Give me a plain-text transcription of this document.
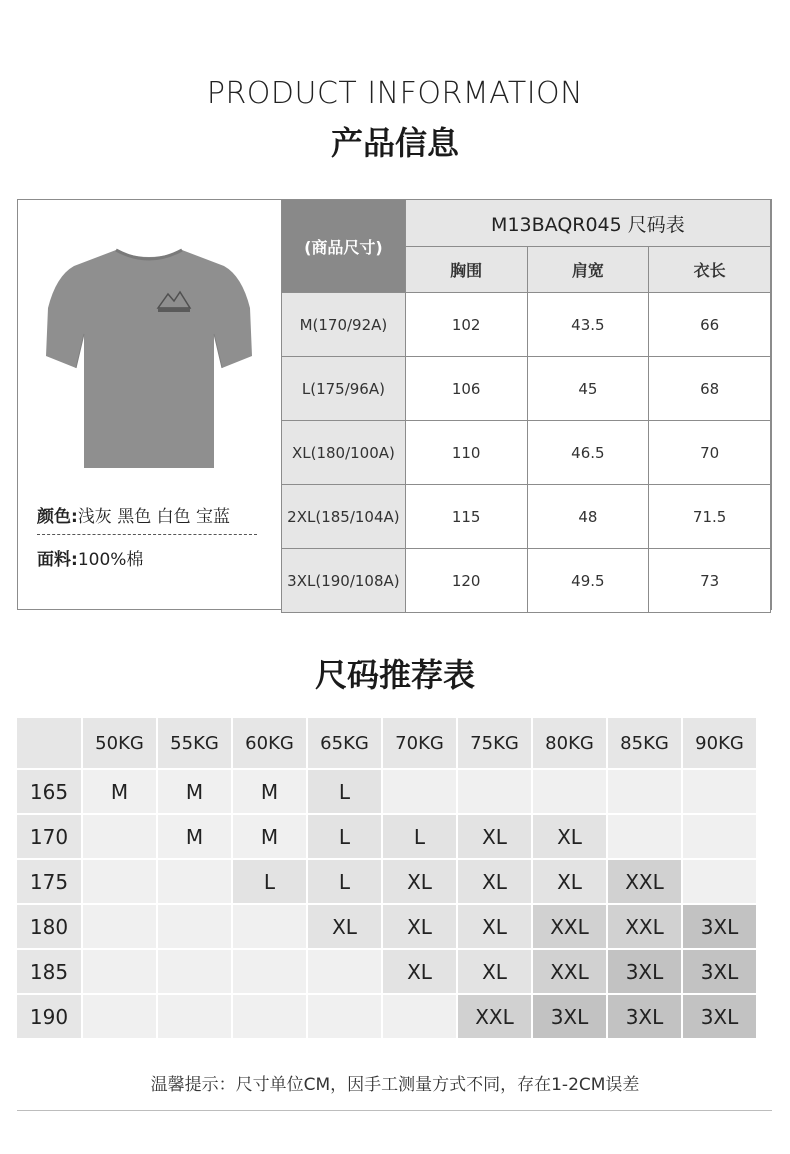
PRODUCT INFORMATION
产品信息
颜色:浅灰 黑色 白色 宝蓝
面料:100%棉
(商品尺寸)	M13BAQR045 尺码表		
	胸围	肩宽	衣长
M(170/92A)	102	43.5	66
L(175/96A)	106	45	68
XL(180/100A)	110	46.5	70
2XL(185/104A)	115	48	71.5
3XL(190/108A)	120	49.5	73
尺码推荐表
	50KG	55KG	60KG	65KG	70KG	75KG	80KG	85KG	90KG
165	M	M	M	L					
170		M	M	L	L	XL	XL		
175			L	L	XL	XL	XL	XXL	
180				XL	XL	XL	XXL	XXL	3XL
185					XL	XL	XXL	3XL	3XL
190						XXL	3XL	3XL	3XL
温馨提示：尺寸单位CM，因手工测量方式不同，存在1-2CM误差
